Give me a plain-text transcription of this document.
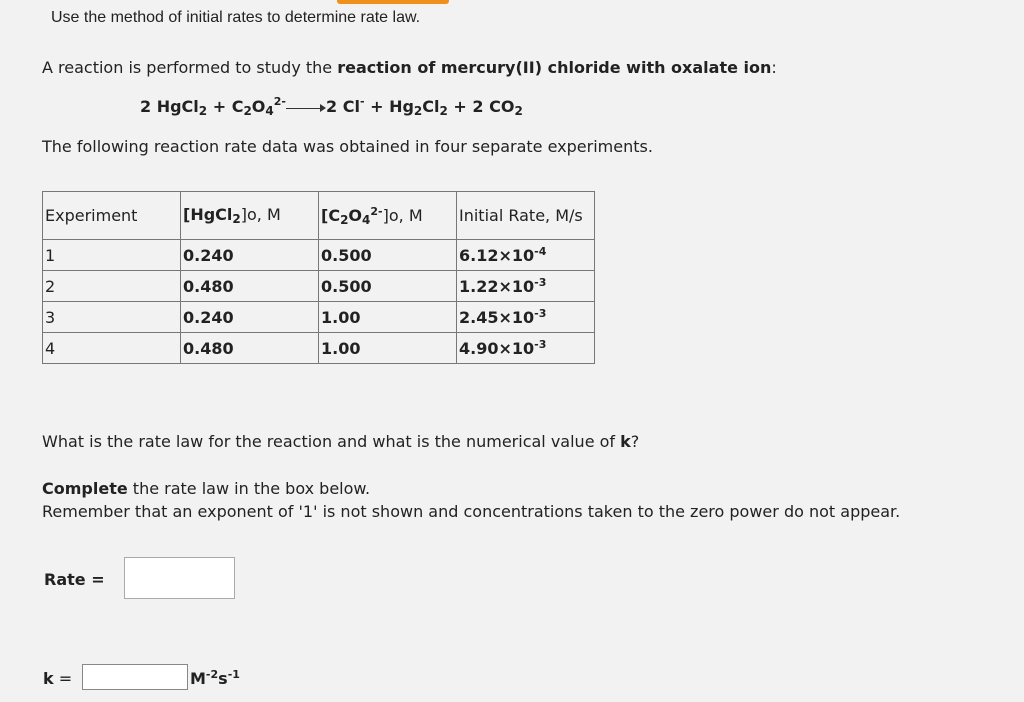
Use the method of initial rates to determine rate law.
A reaction is performed to study the reaction of mercury(II) chloride with oxalate ion:
2 HgCl$_2$ + $C_2O_4^{2-}$	2 $Cl^- + Hg_2Cl_2 + 2$ $CO_2$
The following reaction rate data was obtained in four separate experiments.
Experiment	[HgCl$_2$]o, M	$[C_2O_4^{2-}]o$, M	Initial Rate, M/s
1	0.240	0.500	$6.12\times 10^{-4}$
2	0.480	0.500	$1.22\times 10^{-3}$
3	0.240	1.00	$2.45\times 10^{-3}$
4	0.480	1.00	$4.90\times 10^{-3}$
What is the rate law for the reaction and what is the numerical value of k?
Complete the rate law in the box below.
Remember that an exponent of '1' is not shown and concentrations taken to the zero power do not appear.
Rate =
k =	$M^{-2}s^{-1}$
